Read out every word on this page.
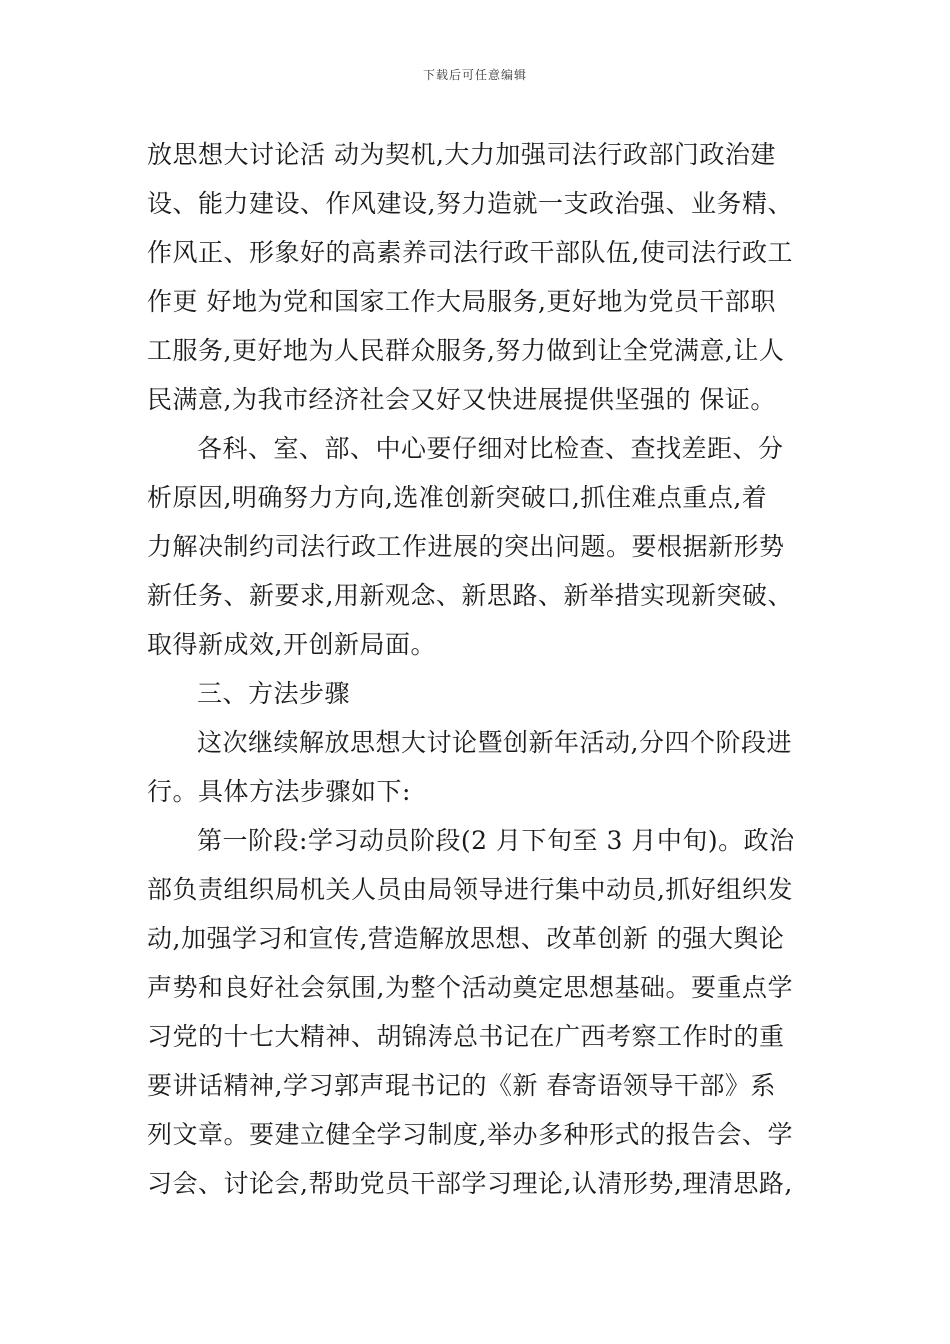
下载后可任意编辑
放思想大讨论活 动为契机,大力加强司法行政部门政治建
设、能力建设、作风建设,努力造就一支政治强、业务精、
作风正、形象好的高素养司法行政干部队伍,使司法行政工
作更 好地为党和国家工作大局服务,更好地为党员干部职
工服务,更好地为人民群众服务,努力做到让全党满意,让人
民满意,为我市经济社会又好又快进展提供坚强的 保证。
各科、室、部、中心要仔细对比检查、查找差距、分
析原因,明确努力方向,选准创新突破口,抓住难点重点,着
力解决制约司法行政工作进展的突出问题。要根据新形势
新任务、新要求,用新观念、新思路、新举措实现新突破、
取得新成效,开创新局面。
三、方法步骤
这次继续解放思想大讨论暨创新年活动,分四个阶段进
行。具体方法步骤如下:
第一阶段:学习动员阶段(2 月下旬至 3 月中旬)。政治
部负责组织局机关人员由局领导进行集中动员,抓好组织发
动,加强学习和宣传,营造解放思想、改革创新 的强大舆论
声势和良好社会氛围,为整个活动奠定思想基础。要重点学
习党的十七大精神、胡锦涛总书记在广西考察工作时的重
要讲话精神,学习郭声琨书记的《新 春寄语领导干部》系
列文章。要建立健全学习制度,举办多种形式的报告会、学
习会、讨论会,帮助党员干部学习理论,认清形势,理清思路,
